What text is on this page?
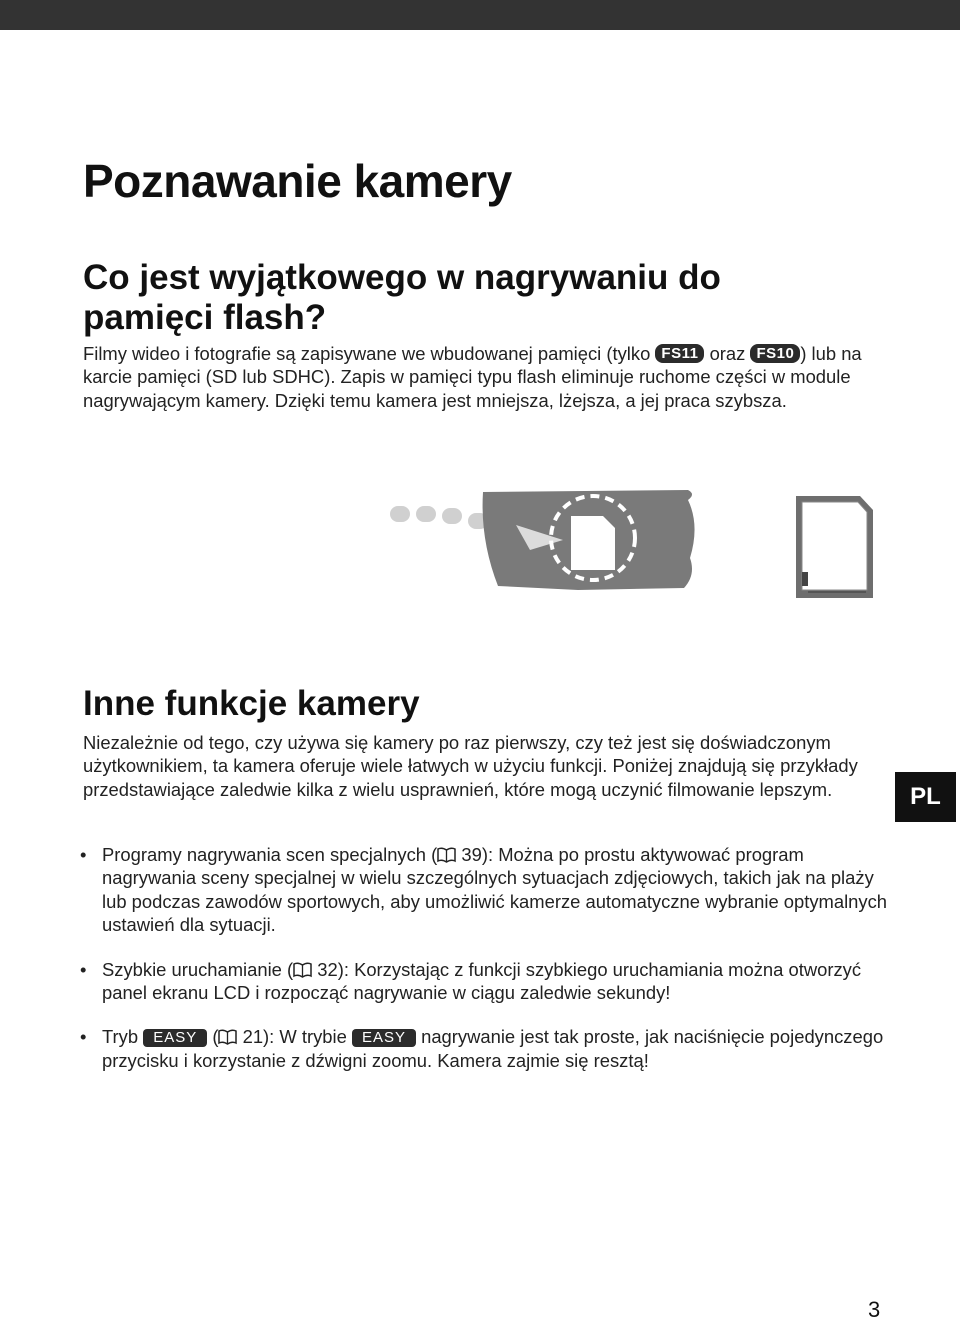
Poznawanie kamery
Co jest wyjątkowego w nagrywaniu do pamięci flash?

Filmy wideo i fotografie są zapisywane we wbudowanej pamięci (tylko FS11 oraz FS10 ) lub na karcie pamięci (SD lub SDHC). Zapis w pamięci typu flash eliminuje ruchome części w module nagrywającym kamery. Dzięki temu kamera jest mniejsza, lżejsza, a jej praca szybsza.

Inne funkcje kamery

Niezależnie od tego, czy używa się kamery po raz pierwszy, czy też jest się doświadczonym użytkownikiem, ta kamera oferuje wiele łatwych w użyciu funkcji. Poniżej znajdują się przykłady przedstawiające zaledwie kilka z wielu usprawnień, które mogą uczynić filmowanie lepszym.

• Programy nagrywania scen specjalnych ( 39): Można po prostu aktywować program nagrywania sceny specjalnej w wielu szczególnych sytuacjach zdjęciowych, takich jak na plaży lub podczas zawodów sportowych, aby umożliwić kamerze automatyczne wybranie optymalnych ustawień dla sytuacji.
• Szybkie uruchamianie ( 32): Korzystając z funkcji szybkiego uruchamiania można otworzyć panel ekranu LCD i rozpocząć nagrywanie w ciągu zaledwie sekundy!
• Tryb EASY ( 21): W trybie EASY nagrywanie jest tak proste, jak naciśnięcie pojedynczego przycisku i korzystanie z dźwigni zoomu. Kamera zajmie się resztą!
PL
3
